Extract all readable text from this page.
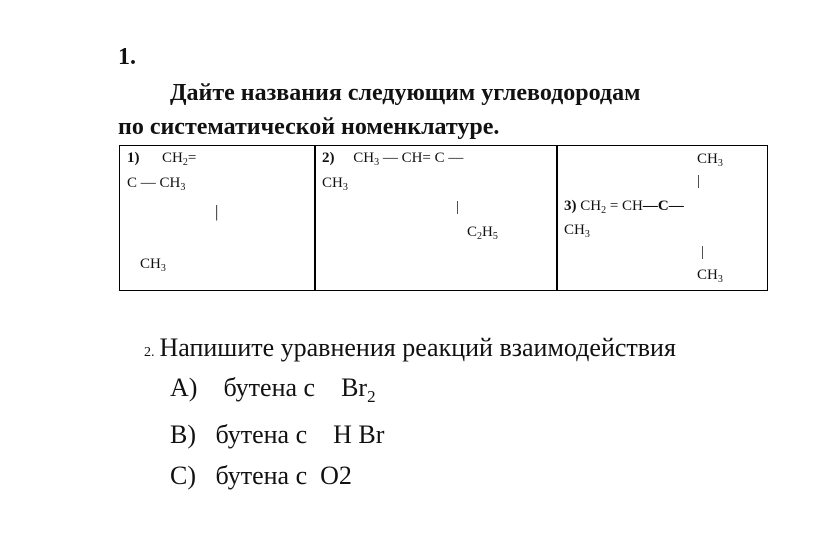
1.
Дайте названия следующим углеводородам
по систематической номенклатуре.
1) $CH_2=$
C — $CH_3$
|
$CH_3$
2) $CH_3$ — CH= C —
$CH_3$
|
$C_2H_5$
$CH_3$
|
3) $CH_2$ = CH—C—
$CH_3$
|
$CH_3$
2. Напишите уравнения реакций взаимодействия
А) бутена с $Br_2$
В) бутена с H Br
С) бутена с O2
